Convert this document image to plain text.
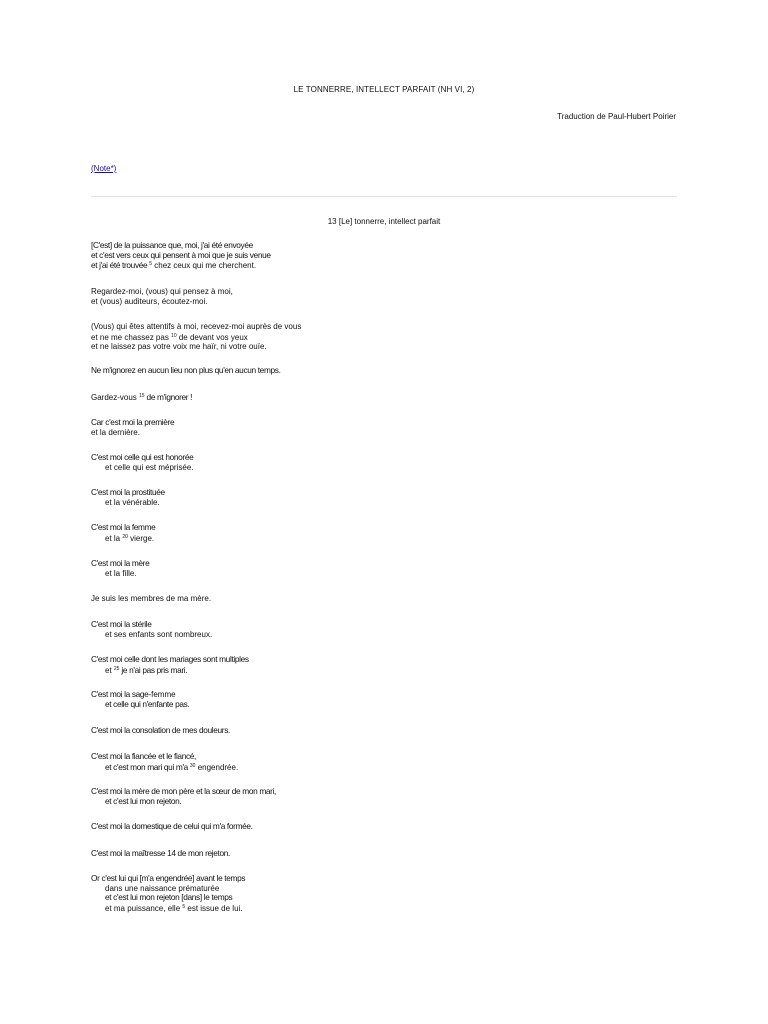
LE TONNERRE, INTELLECT PARFAIT (NH VI, 2)
Traduction de Paul-Hubert Poirier
(Note*)
13 [Le] tonnerre, intellect parfait
[C'est] de la puissance que, moi, j'ai été envoyée
et c'est vers ceux qui pensent à moi que je suis venue
et j'ai été trouvée $^5$ chez ceux qui me cherchent.
Regardez-moi, (vous) qui pensez à moi,
et (vous) auditeurs, écoutez-moi.
(Vous) qui êtes attentifs à moi, recevez-moi auprès de vous
et ne me chassez pas $^{10}$ de devant vos yeux
et ne laissez pas votre voix me haïr, ni votre ouïe.
Ne m'ignorez en aucun lieu non plus qu'en aucun temps.
Gardez-vous $^{15}$ de m'ignorer !
Car c'est moi la première
et la dernière.
C'est moi celle qui est honorée
et celle qui est méprisée.
C'est moi la prostituée
et la vénérable.
C'est moi la femme
et la $^{20}$ vierge.
C'est moi la mère
et la fille.
Je suis les membres de ma mère.
C'est moi la stérile
et ses enfants sont nombreux.
C'est moi celle dont les mariages sont multiples
et $^{25}$ je n'ai pas pris mari.
C'est moi la sage-femme
et celle qui n'enfante pas.
C'est moi la consolation de mes douleurs.
C'est moi la fiancée et le fiancé,
et c'est mon mari qui m'a $^{30}$ engendrée.
C'est moi la mère de mon père et la sœur de mon mari,
et c'est lui mon rejeton.
C'est moi la domestique de celui qui m'a formée.
C'est moi la maîtresse 14 de mon rejeton.
Or c'est lui qui [m'a engendrée] avant le temps
dans une naissance prématurée
et c'est lui mon rejeton [dans] le temps
et ma puissance, elle $^5$ est issue de lui.
